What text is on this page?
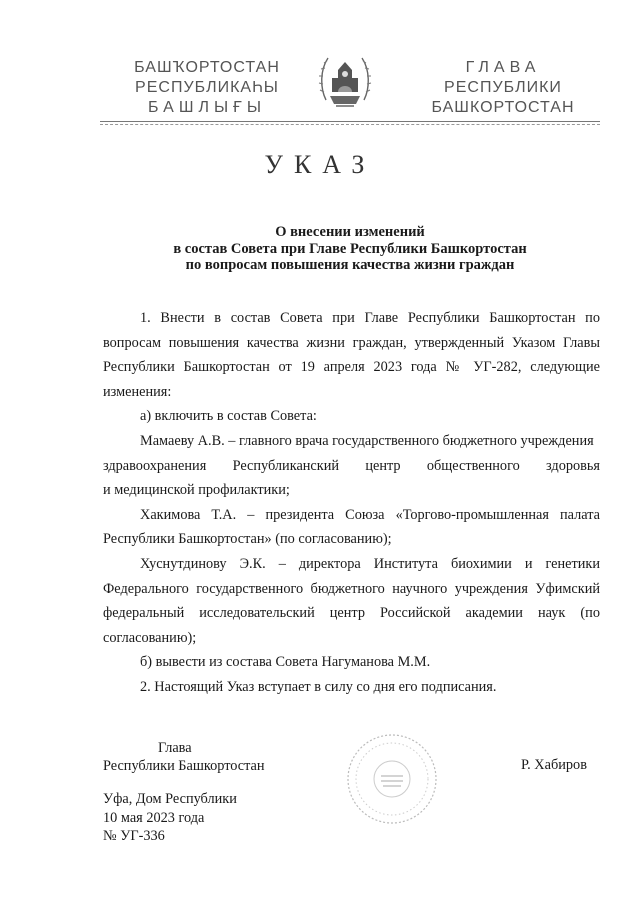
БАШҠОРТОСТАН
РЕСПУБЛИКАҺЫ
БАШЛЫҒЫ
ГЛАВА
РЕСПУБЛИКИ
БАШКОРТОСТАН
УКАЗ
О внесении изменений
в состав Совета при Главе Республики Башкортостан
по вопросам повышения качества жизни граждан

1. Внести в состав Совета при Главе Республики Башкортостан по вопросам повышения качества жизни граждан, утвержденный Указом Главы Республики Башкортостан от 19 апреля 2023 года № УГ-282, следующие изменения:

а) включить в состав Совета:

Мамаеву А.В. – главного врача государственного бюджетного учреждения

здравоохранения Республиканский центр общественного здоровья

и медицинской профилактики;

Хакимова Т.А. – президента Союза «Торгово-промышленная палата Республики Башкортостан» (по согласованию);

Хуснутдинову Э.К. – директора Института биохимии и генетики Федерального государственного бюджетного научного учреждения Уфимский федеральный исследовательский центр Российской академии наук (по согласованию);

б) вывести из состава Совета Нагуманова М.М.

2. Настоящий Указ вступает в силу со дня его подписания.

Глава
Республики Башкортостан	Р. Хабиров
Уфа, Дом Республики
10 мая 2023 года
№ УГ-336
